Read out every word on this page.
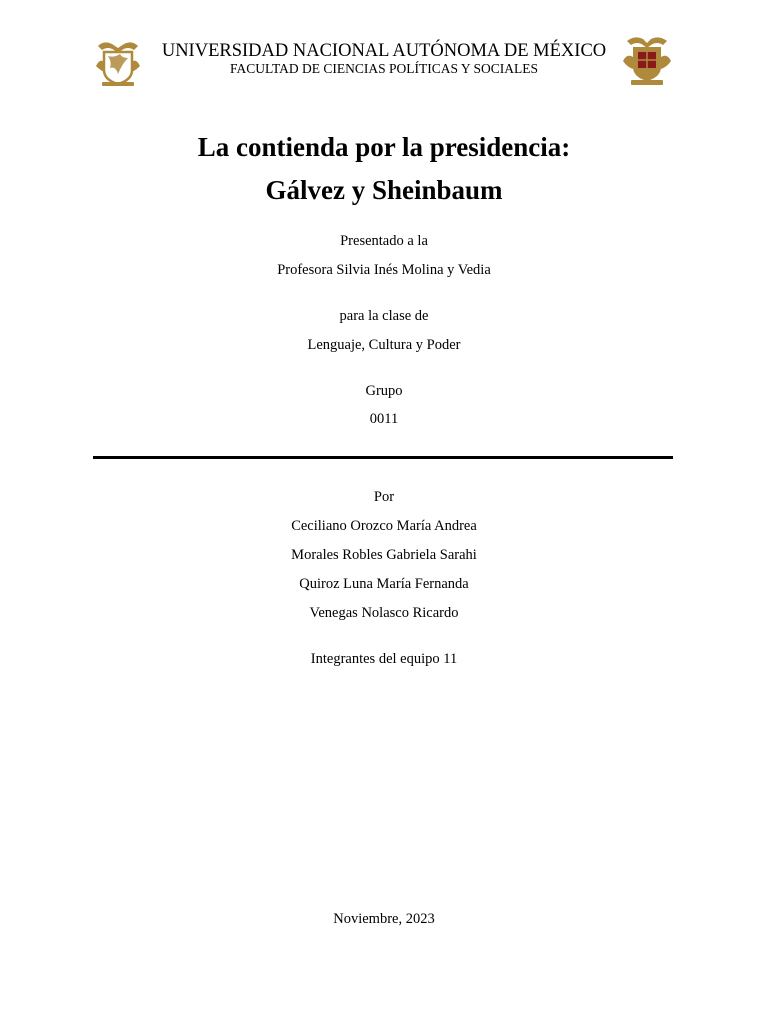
UNIVERSIDAD NACIONAL AUTÓNOMA DE MÉXICO
FACULTAD DE CIENCIAS POLÍTICAS Y SOCIALES
La contienda por la presidencia:
Gálvez y Sheinbaum
Presentado a la
Profesora Silvia Inés Molina y Vedia
para la clase de
Lenguaje, Cultura y Poder
Grupo
0011
Por
Ceciliano Orozco María Andrea
Morales Robles Gabriela Sarahi
Quiroz Luna María Fernanda
Venegas Nolasco Ricardo
Integrantes del equipo 11
Noviembre, 2023
